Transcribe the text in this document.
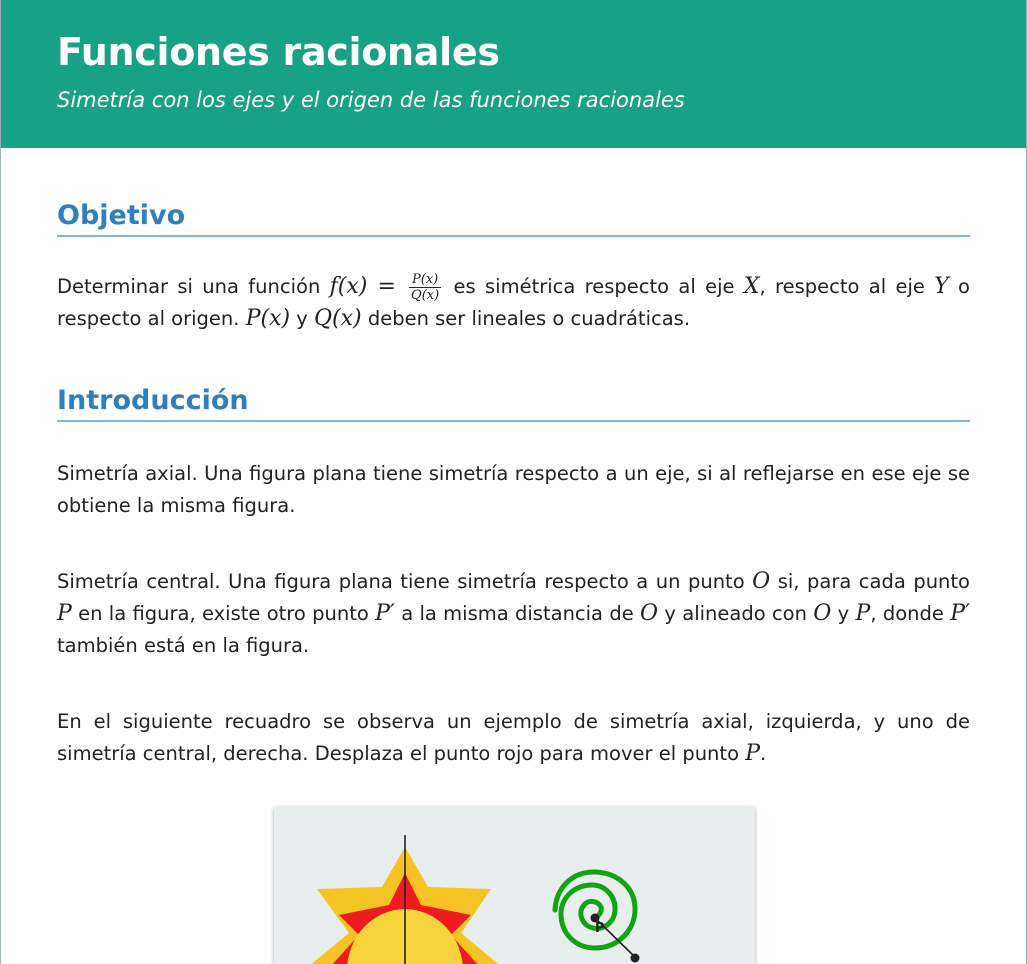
Funciones racionales
Simetría con los ejes y el origen de las funciones racionales
Objetivo

Determinar si una función $f(x) = \frac{P(x)}{Q(x)}$ es simétrica respecto al eje X, respecto al eje Y o respecto al origen. P(x) y Q(x) deben ser lineales o cuadráticas.

Introducción

Simetría axial. Una figura plana tiene simetría respecto a un eje, si al reflejarse en ese eje se obtiene la misma figura.

Simetría central. Una figura plana tiene simetría respecto a un punto O si, para cada punto P en la figura, existe otro punto P′ a la misma distancia de O y alineado con O y P, donde P′ también está en la figura.

En el siguiente recuadro se observa un ejemplo de simetría axial, izquierda, y uno de simetría central, derecha. Desplaza el punto rojo para mover el punto P.

P
